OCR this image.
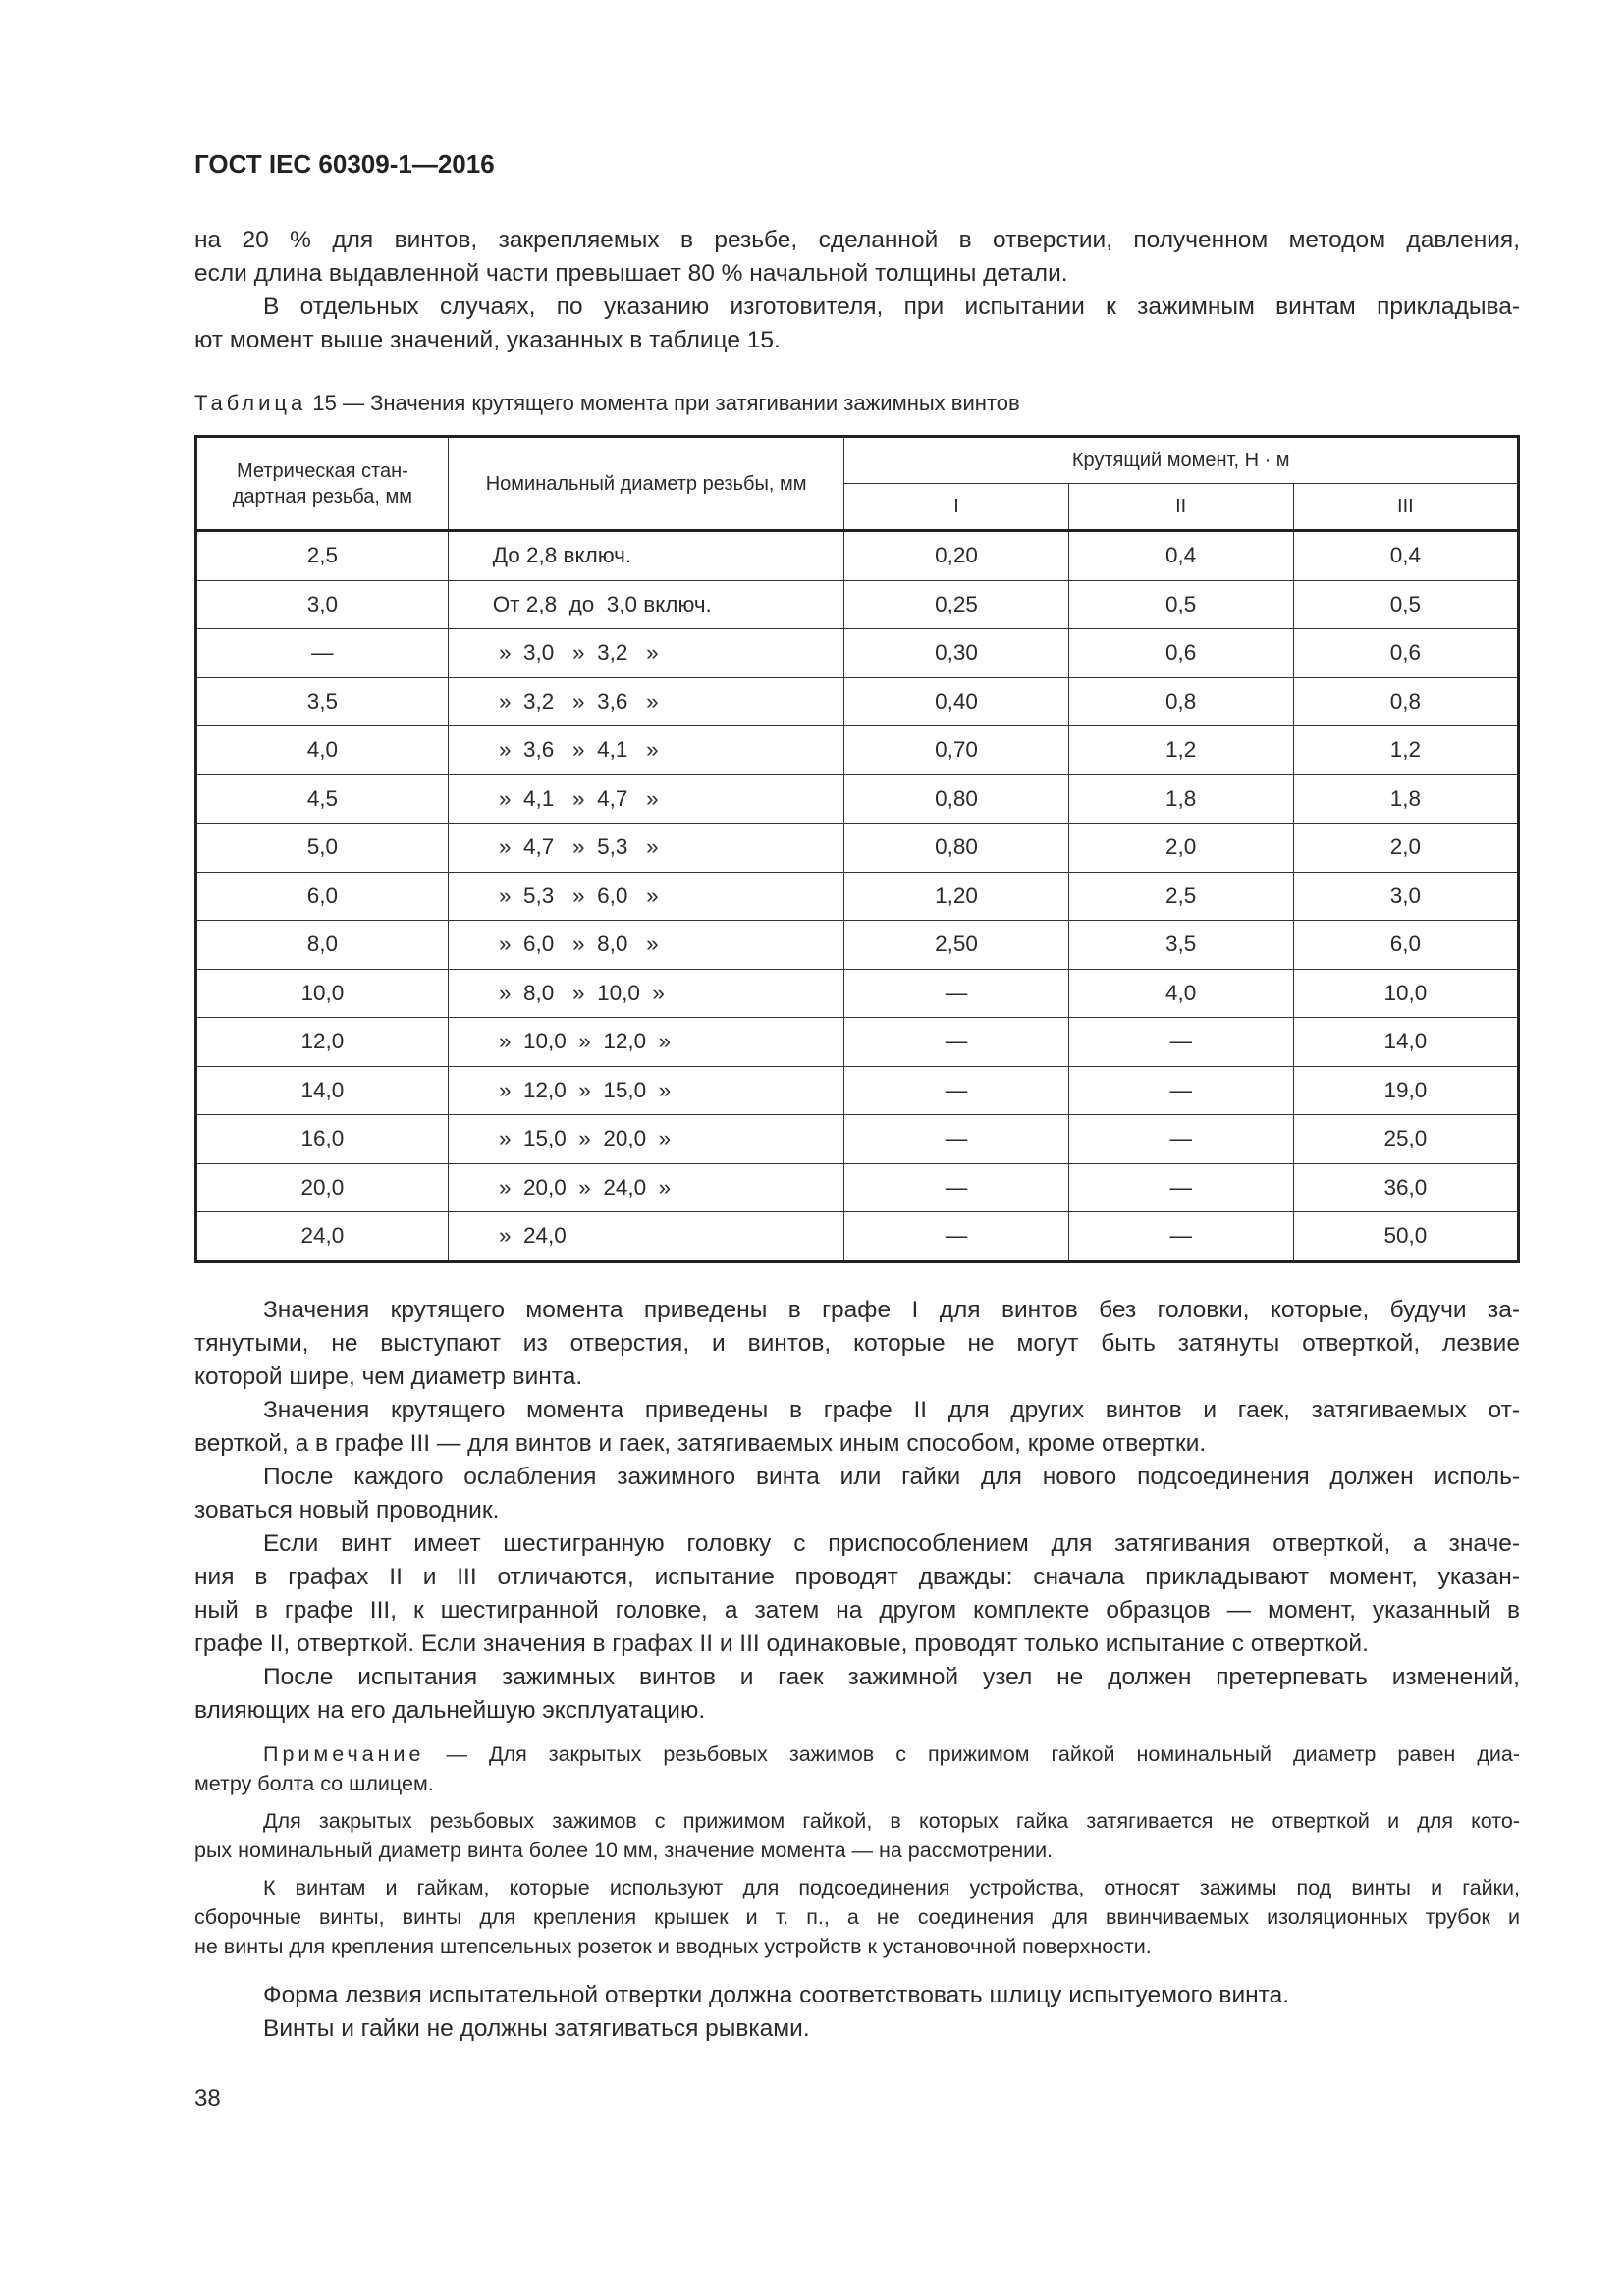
ГОСТ IEC 60309-1—2016
на 20 % для винтов, закрепляемых в резьбе, сделанной в отверстии, полученном методом давления,
если длина выдавленной части превышает 80 % начальной толщины детали.
В отдельных случаях, по указанию изготовителя, при испытании к зажимным винтам прикладыва-
ют момент выше значений, указанных в таблице 15.
Таблица 15 — Значения крутящего момента при затягивании зажимных винтов
Метрическая стан-дартная резьба, мм	Номинальный диаметр резьбы, мм	Крутящий момент, Н · м		
		I	II	III
2,5	До 2,8 включ.	0,20	0,4	0,4
3,0	От 2,8  до  3,0 включ.	0,25	0,5	0,5
—	»  3,0   »  3,2   »	0,30	0,6	0,6
3,5	»  3,2   »  3,6   »	0,40	0,8	0,8
4,0	»  3,6   »  4,1   »	0,70	1,2	1,2
4,5	»  4,1   »  4,7   »	0,80	1,8	1,8
5,0	»  4,7   »  5,3   »	0,80	2,0	2,0
6,0	»  5,3   »  6,0   »	1,20	2,5	3,0
8,0	»  6,0   »  8,0   »	2,50	3,5	6,0
10,0	»  8,0   »  10,0  »	—	4,0	10,0
12,0	»  10,0  »  12,0  »	—	—	14,0
14,0	»  12,0  »  15,0  »	—	—	19,0
16,0	»  15,0  »  20,0  »	—	—	25,0
20,0	»  20,0  »  24,0  »	—	—	36,0
24,0	»  24,0	—	—	50,0
Значения крутящего момента приведены в графе I для винтов без головки, которые, будучи за-
тянутыми, не выступают из отверстия, и винтов, которые не могут быть затянуты отверткой, лезвие
которой шире, чем диаметр винта.
Значения крутящего момента приведены в графе II для других винтов и гаек, затягиваемых от-
верткой, а в графе III — для винтов и гаек, затягиваемых иным способом, кроме отвертки.
После каждого ослабления зажимного винта или гайки для нового подсоединения должен исполь-
зоваться новый проводник.
Если винт имеет шестигранную головку с приспособлением для затягивания отверткой, а значе-
ния в графах II и III отличаются, испытание проводят дважды: сначала прикладывают момент, указан-
ный в графе III, к шестигранной головке, а затем на другом комплекте образцов — момент, указанный в
графе II, отверткой. Если значения в графах II и III одинаковые, проводят только испытание с отверткой.
После испытания зажимных винтов и гаек зажимной узел не должен претерпевать изменений,
влияющих на его дальнейшую эксплуатацию.
Примечание — Для закрытых резьбовых зажимов с прижимом гайкой номинальный диаметр равен диа-
метру болта со шлицем.
Для закрытых резьбовых зажимов с прижимом гайкой, в которых гайка затягивается не отверткой и для кото-
рых номинальный диаметр винта более 10 мм, значение момента — на рассмотрении.
К винтам и гайкам, которые используют для подсоединения устройства, относят зажимы под винты и гайки,
сборочные винты, винты для крепления крышек и т. п., а не соединения для ввинчиваемых изоляционных трубок и
не винты для крепления штепсельных розеток и вводных устройств к установочной поверхности.
Форма лезвия испытательной отвертки должна соответствовать шлицу испытуемого винта.
Винты и гайки не должны затягиваться рывками.
38
